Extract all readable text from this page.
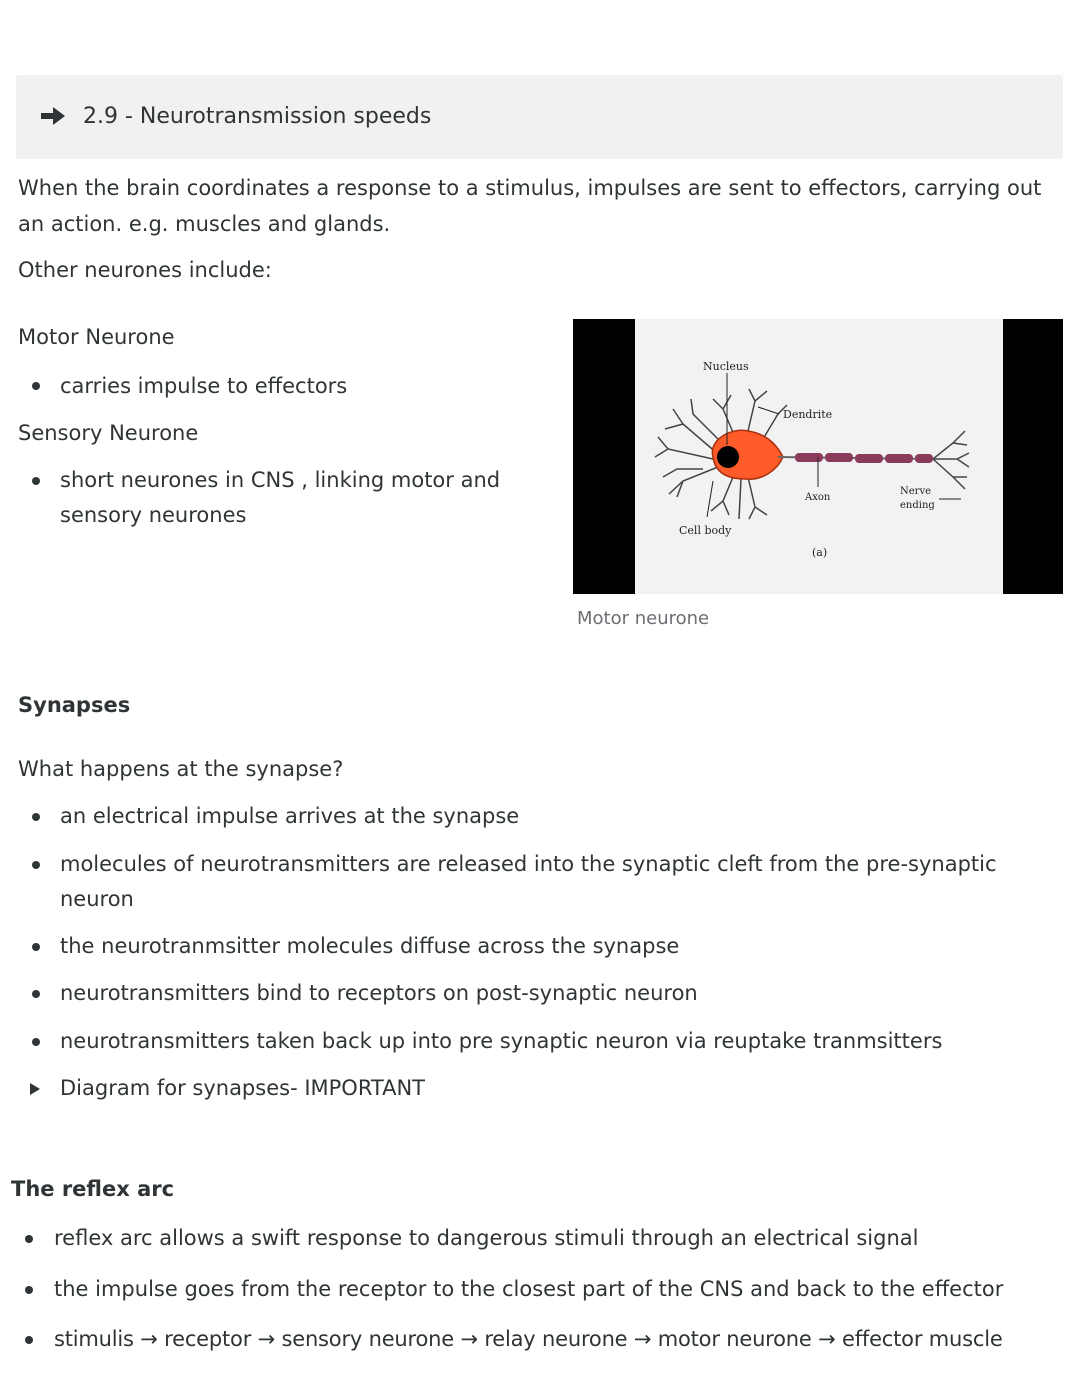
2.9 - Neurotransmission speeds
When the brain coordinates a response to a stimulus, impulses are sent to effectors, carrying out an action. e.g. muscles and glands.
Other neurones include:
Motor Neurone
carries impulse to effectors
Sensory Neurone
short neurones in CNS , linking motor and
sensory neurones
Nucleus
Dendrite
Axon
Nerve
ending
Cell body
(a)
Motor neurone
Synapses
What happens at the synapse?
an electrical impulse arrives at the synapse
molecules of neurotransmitters are released into the synaptic cleft from the pre-synaptic
neuron
the neurotranmsitter molecules diffuse across the synapse
neurotransmitters bind to receptors on post-synaptic neuron
neurotransmitters taken back up into pre synaptic neuron via reuptake tranmsitters
Diagram for synapses- IMPORTANT
The reflex arc
reflex arc allows a swift response to dangerous stimuli through an electrical signal
the impulse goes from the receptor to the closest part of the CNS and back to the effector
stimulis → receptor → sensory neurone → relay neurone → motor neurone → effector muscle
